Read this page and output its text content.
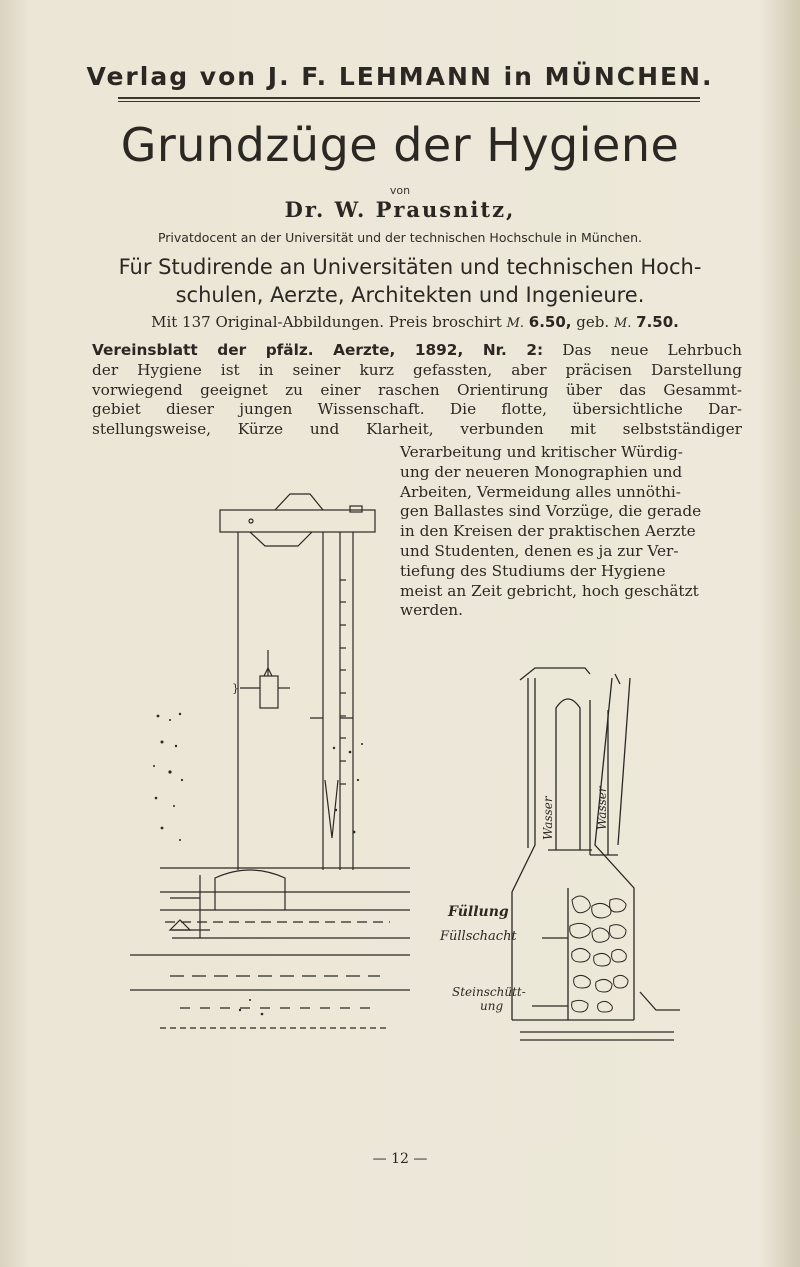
Verlag von J. F. LEHMANN in MÜNCHEN.
Grundzüge der Hygiene
von
Dr. W. Prausnitz,
Privatdocent an der Universität und der technischen Hochschule in München.
Für Studirende an Universitäten und technischen Hoch-
schulen, Aerzte, Architekten und Ingenieure.
Mit 137 Original-Abbildungen. Preis broschirt M. 6.50, geb. M. 7.50.
Vereinsblatt der pfälz. Aerzte, 1892, Nr. 2: Das neue Lehrbuch
der Hygiene ist in seiner kurz gefassten, aber präcisen Darstellung
vorwiegend geeignet zu einer raschen Orientirung über das Gesammt-
gebiet dieser jungen Wissenschaft. Die flotte, übersichtliche Dar-
stellungsweise, Kürze und Klarheit, verbunden mit selbstständiger
Verarbeitung und kritischer Würdig-
ung der neueren Monographien und
Arbeiten, Vermeidung alles unnöthi-
gen Ballastes sind Vorzüge, die gerade
in den Kreisen der praktischen Aerzte
und Studenten, denen es ja zur Ver-
tiefung des Studiums der Hygiene
meist an Zeit gebricht, hoch geschätzt
werden.
}
Wasser	Wasser
Füllung
Füllschacht
Steinschütt-
ung
— 12 —
